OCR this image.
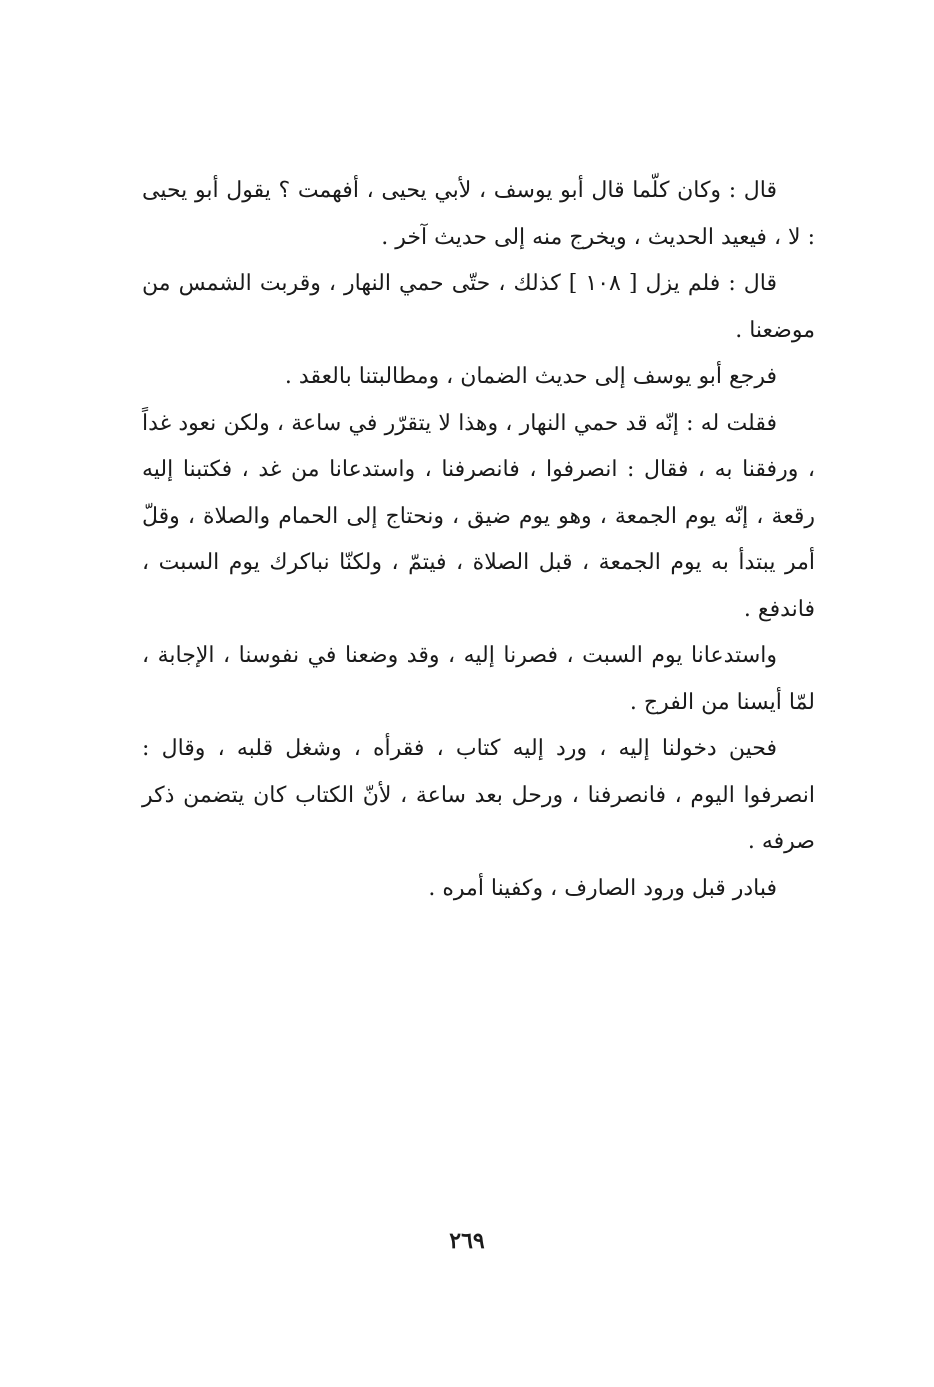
قال : وكان كلّما قال أبو يوسف ، لأبي يحيى ، أفهمت ؟ يقول أبو يحيى : لا ، فيعيد الحديث ، ويخرج منه إلى حديث آخر .

قال : فلم يزل [ ١٠٨ ] كذلك ، حتّى حمي النهار ، وقربت الشمس من موضعنا .

فرجع أبو يوسف إلى حديث الضمان ، ومطالبتنا بالعقد .

فقلت له : إنّه قد حمي النهار ، وهذا لا يتقرّر في ساعة ، ولكن نعود غداً ، ورفقنا به ، فقال : انصرفوا ، فانصرفنا ، واستدعانا من غد ، فكتبنا إليه رقعة ، إنّه يوم الجمعة ، وهو يوم ضيق ، ونحتاج إلى الحمام والصلاة ، وقلّ أمر يبتدأ به يوم الجمعة ، قبل الصلاة ، فيتمّ ، ولكنّا نباكرك يوم السبت ، فاندفع .

واستدعانا يوم السبت ، فصرنا إليه ، وقد وضعنا في نفوسنا ، الإجابة ، لمّا أيسنا من الفرج .

فحين دخولنا إليه ، ورد إليه كتاب ، فقرأه ، وشغل قلبه ، وقال : انصرفوا اليوم ، فانصرفنا ، ورحل بعد ساعة ، لأنّ الكتاب كان يتضمن ذكر صرفه .

فبادر قبل ورود الصارف ، وكفينا أمره .

٢٦٩
